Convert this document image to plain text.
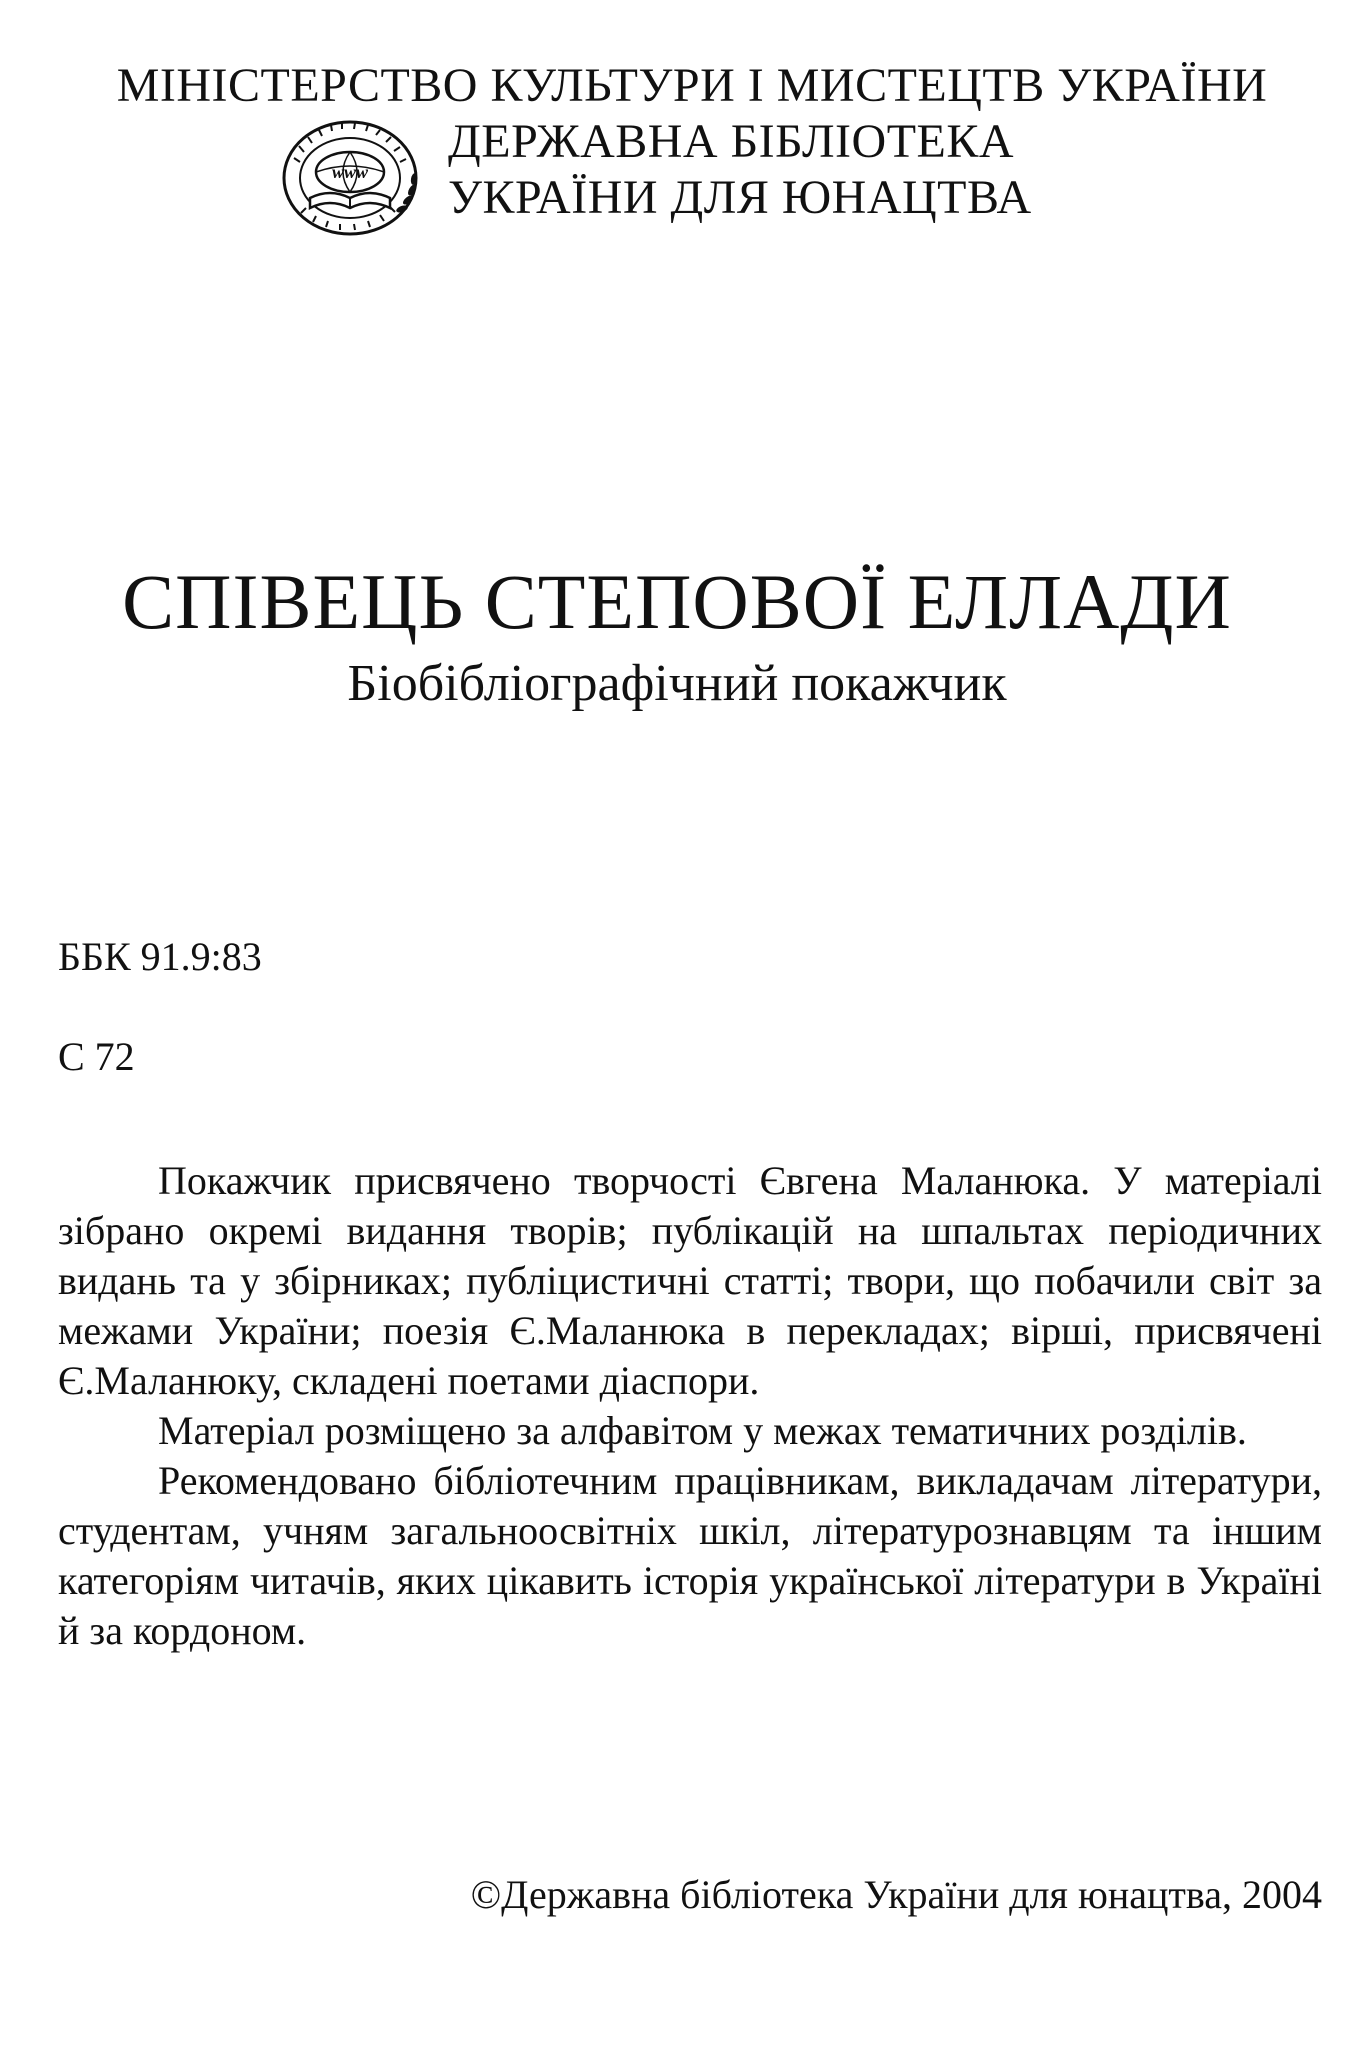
МІНІСТЕРСТВО КУЛЬТУРИ І МИСТЕЦТВ УКРАЇНИ
www
ДЕРЖАВНА БІБЛІОТЕКА
УКРАЇНИ ДЛЯ ЮНАЦТВА
СПІВЕЦЬ СТЕПОВОЇ ЕЛЛАДИ
Біобібліографічний покажчик
ББК 91.9:83
С 72

Покажчик присвячено творчості Євгена Маланюка. У матеріалі зібрано окремі видання творів; публікацій на шпальтах періодичних видань та у збірниках; публіцистичні статті; твори, що побачили світ за межами України; поезія Є.Маланюка в перекладах; вірші, присвячені Є.Маланюку, складені поетами діаспори.

Матеріал розміщено за алфавітом у межах тематичних розділів.

Рекомендовано бібліотечним працівникам, викладачам літератури, студентам, учням загальноосвітніх шкіл, літературознавцям та іншим категоріям читачів, яких цікавить історія української літератури в Україні й за кордоном.

©Державна бібліотека України для юнацтва, 2004
